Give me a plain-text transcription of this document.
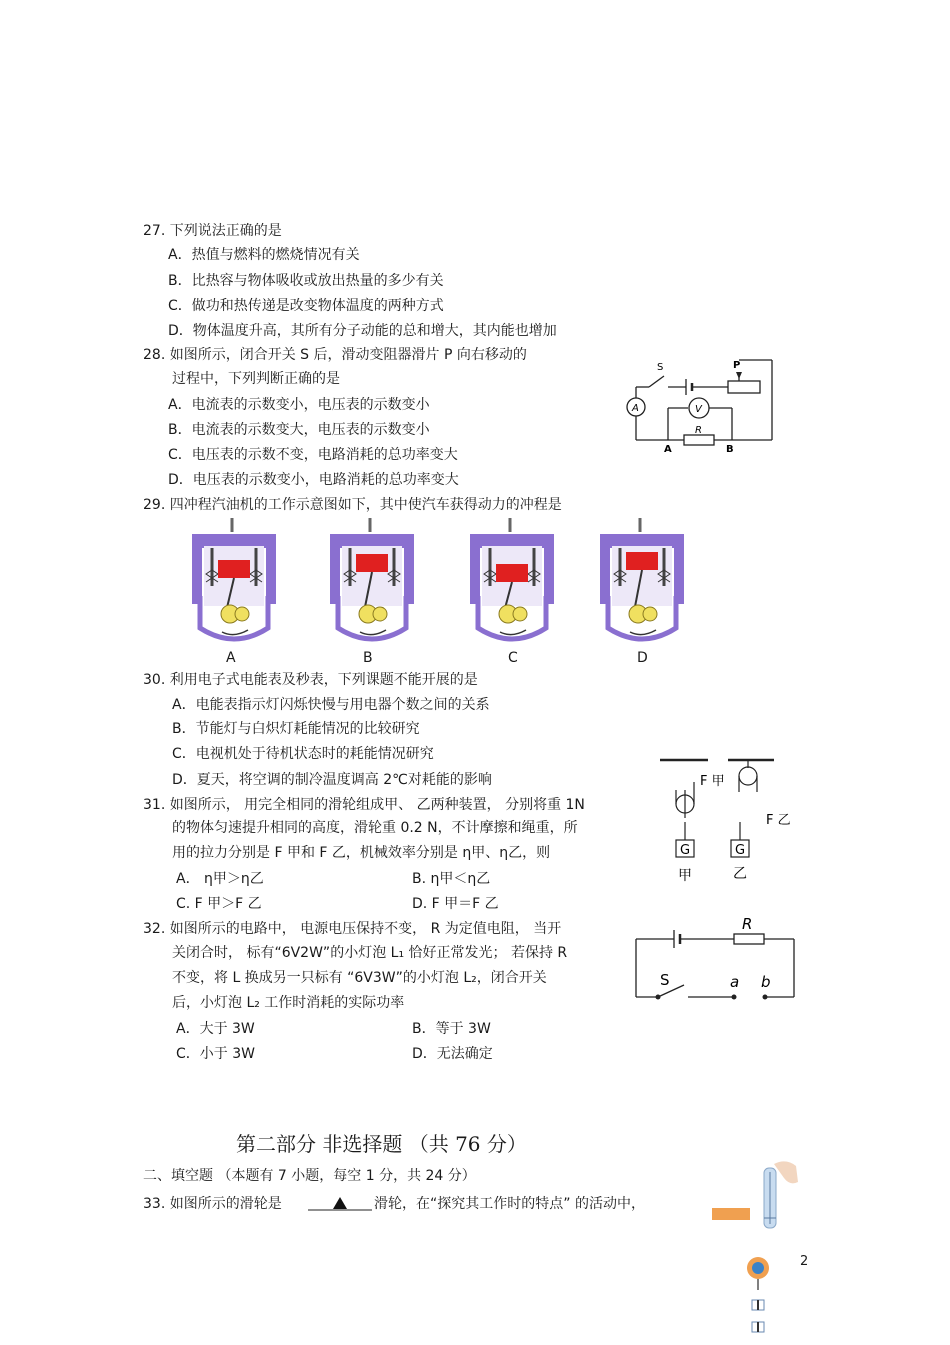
27. 下列说法正确的是
A．热值与燃料的燃烧情况有关
B．比热容与物体吸收或放出热量的多少有关
C．做功和热传递是改变物体温度的两种方式
D．物体温度升高，其所有分子动能的总和增大，其内能也增加
28. 如图所示，闭合开关 S 后，滑动变阻器滑片 P 向右移动的
过程中，下列判断正确的是
A．电流表的示数变小，电压表的示数变小
B．电流表的示数变大，电压表的示数变小
C．电压表的示数不变，电路消耗的总功率变大
D．电压表的示数变小，电路消耗的总功率变大
S	P
A	V
R
A	B
29. 四冲程汽油机的工作示意图如下，其中使汽车获得动力的冲程是
A	B	C	D
30. 利用电子式电能表及秒表，下列课题不能开展的是
A．电能表指示灯闪烁快慢与用电器个数之间的关系
B．节能灯与白炽灯耗能情况的比较研究
C．电视机处于待机状态时的耗能情况研究
D．夏天，将空调的制冷温度调高 2℃对耗能的影响
31. 如图所示， 用完全相同的滑轮组成甲、 乙两种装置， 分别将重 1N
的物体匀速提升相同的高度，滑轮重 0.2 N，不计摩擦和绳重，所
用的拉力分别是 F 甲和 F 乙，机械效率分别是 η甲、η乙，则
A． η甲＞η乙	B. η甲＜η乙
C. F 甲＞F 乙	D. F 甲＝F 乙
F 甲
F 乙
G	G
甲	乙
32. 如图所示的电路中， 电源电压保持不变， R 为定值电阻， 当开
关闭合时， 标有“6V2W”的小灯泡 L₁ 恰好正常发光； 若保持 R
不变，将 L 换成另一只标有 “6V3W”的小灯泡 L₂，闭合开关
后，小灯泡 L₂ 工作时消耗的实际功率
A．大于 3W	B．等于 3W
C．小于 3W	D．无法确定
R
S	a b
第二部分 非选择题 （共 76 分）
二、填空题 （本题有 7 小题，每空 1 分，共 24 分）
33. 如图所示的滑轮是	滑轮，在“探究其工作时的特点” 的活动中，
2
